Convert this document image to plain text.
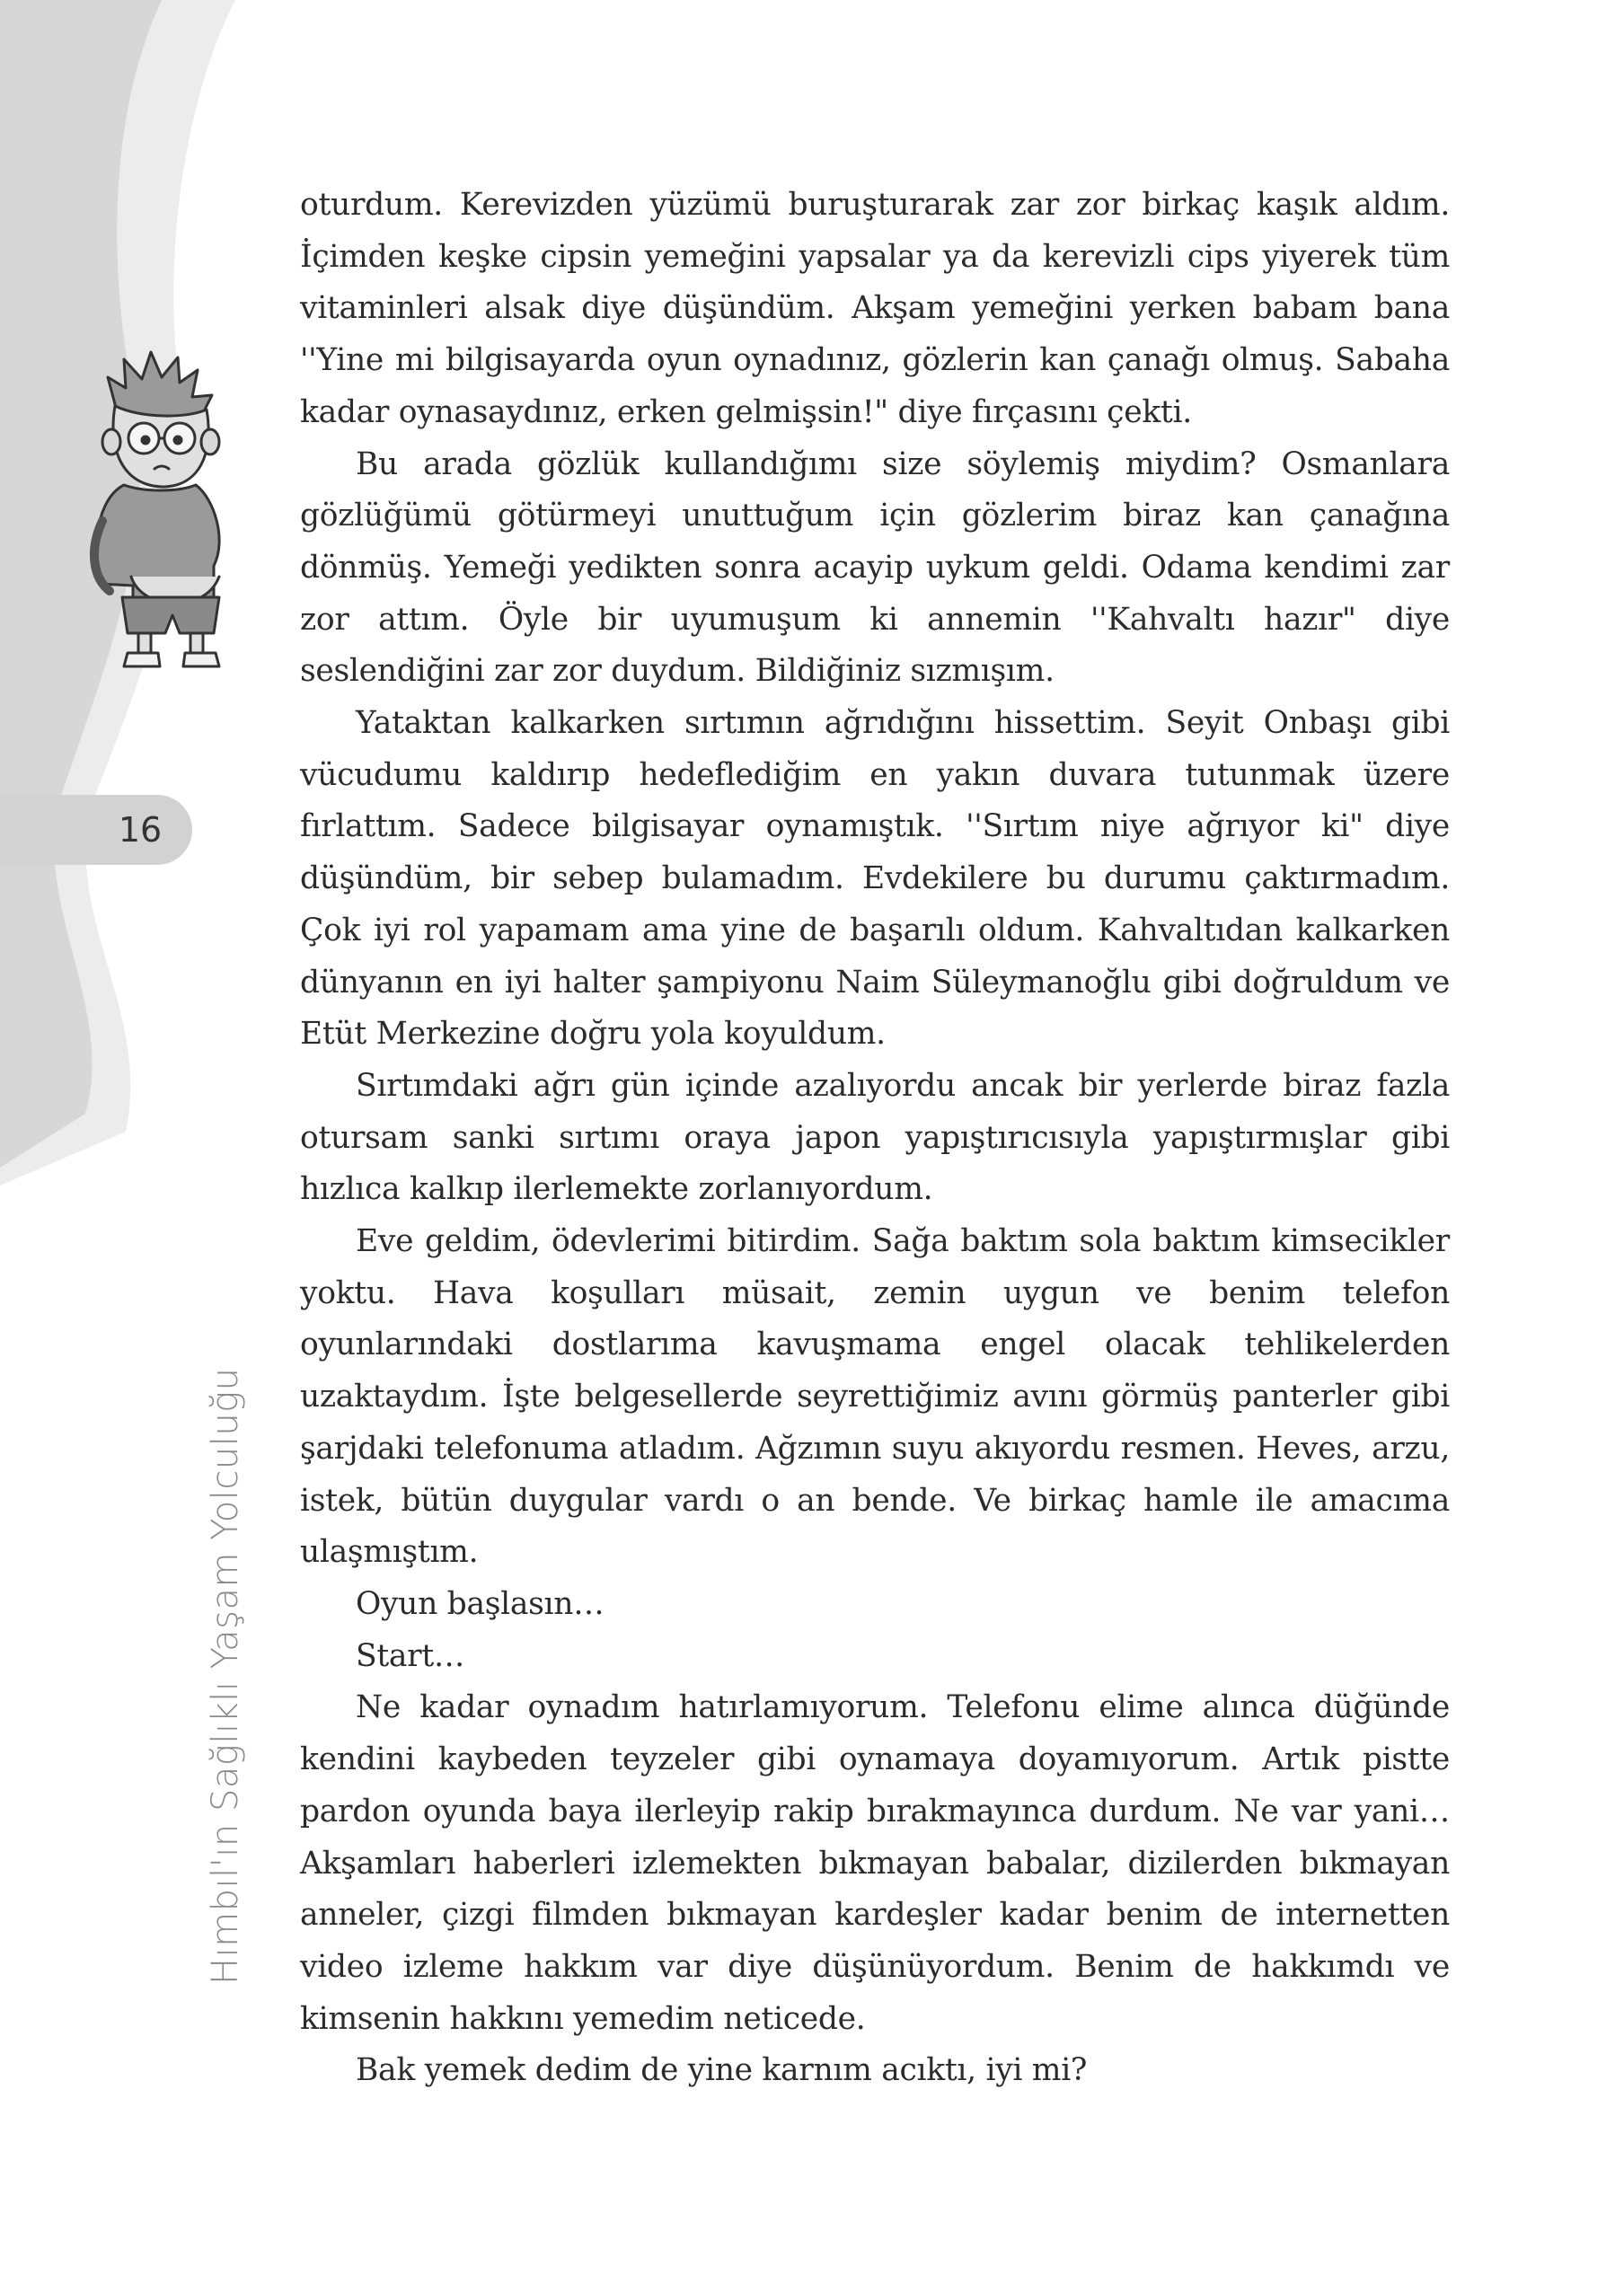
16
Hımbıl'ın Sağlıklı Yaşam Yolculuğu

oturdum. Kerevizden yüzümü buruşturarak zar zor birkaç kaşık aldım. İçimden keşke cipsin yemeğini yapsalar ya da kerevizli cips yiyerek tüm vitaminleri alsak diye düşündüm. Akşam yemeğini yerken babam bana ''Yine mi bilgisayarda oyun oynadınız, gözlerin kan çanağı olmuş. Sabaha kadar oynasaydınız, erken gelmişsin!" diye fırçasını çekti.

Bu arada gözlük kullandığımı size söylemiş miydim? Osmanlara gözlüğümü götürmeyi unuttuğum için gözlerim biraz kan çanağına dönmüş. Yemeği yedikten sonra acayip uykum geldi. Odama kendimi zar zor attım. Öyle bir uyumuşum ki annemin ''Kahvaltı hazır" diye seslendiğini zar zor duydum. Bildiğiniz sızmışım.

Yataktan kalkarken sırtımın ağrıdığını hissettim. Seyit Onbaşı gibi vücudumu kaldırıp hedeflediğim en yakın duvara tutunmak üzere fırlattım. Sadece bilgisayar oynamıştık. ''Sırtım niye ağrıyor ki" diye düşündüm, bir sebep bulamadım. Evdekilere bu durumu çaktırmadım. Çok iyi rol yapamam ama yine de başarılı oldum. Kahvaltıdan kalkarken dünyanın en iyi halter şampiyonu Naim Süleymanoğlu gibi doğruldum ve Etüt Merkezine doğru yola koyuldum.

Sırtımdaki ağrı gün içinde azalıyordu ancak bir yerlerde biraz fazla otursam sanki sırtımı oraya japon yapıştırıcısıyla yapıştırmışlar gibi hızlıca kalkıp ilerlemekte zorlanıyordum.

Eve geldim, ödevlerimi bitirdim. Sağa baktım sola baktım kimsecikler yoktu. Hava koşulları müsait, zemin uygun ve benim telefon oyunlarındaki dostlarıma kavuşmama engel olacak tehlikelerden uzaktaydım. İşte belgesellerde seyrettiğimiz avını görmüş panterler gibi şarjdaki telefonuma atladım. Ağzımın suyu akıyordu resmen. Heves, arzu, istek, bütün duygular vardı o an bende. Ve birkaç hamle ile amacıma ulaşmıştım.

Oyun başlasın…

Start…

Ne kadar oynadım hatırlamıyorum. Telefonu elime alınca düğünde kendini kaybeden teyzeler gibi oynamaya doyamıyorum. Artık pistte pardon oyunda baya ilerleyip rakip bırakmayınca durdum. Ne var yani… Akşamları haberleri izlemekten bıkmayan babalar, dizilerden bıkmayan anneler, çizgi filmden bıkmayan kardeşler kadar benim de internetten video izleme hakkım var diye düşünüyordum. Benim de hakkımdı ve kimsenin hakkını yemedim neticede.

Bak yemek dedim de yine karnım acıktı, iyi mi?
